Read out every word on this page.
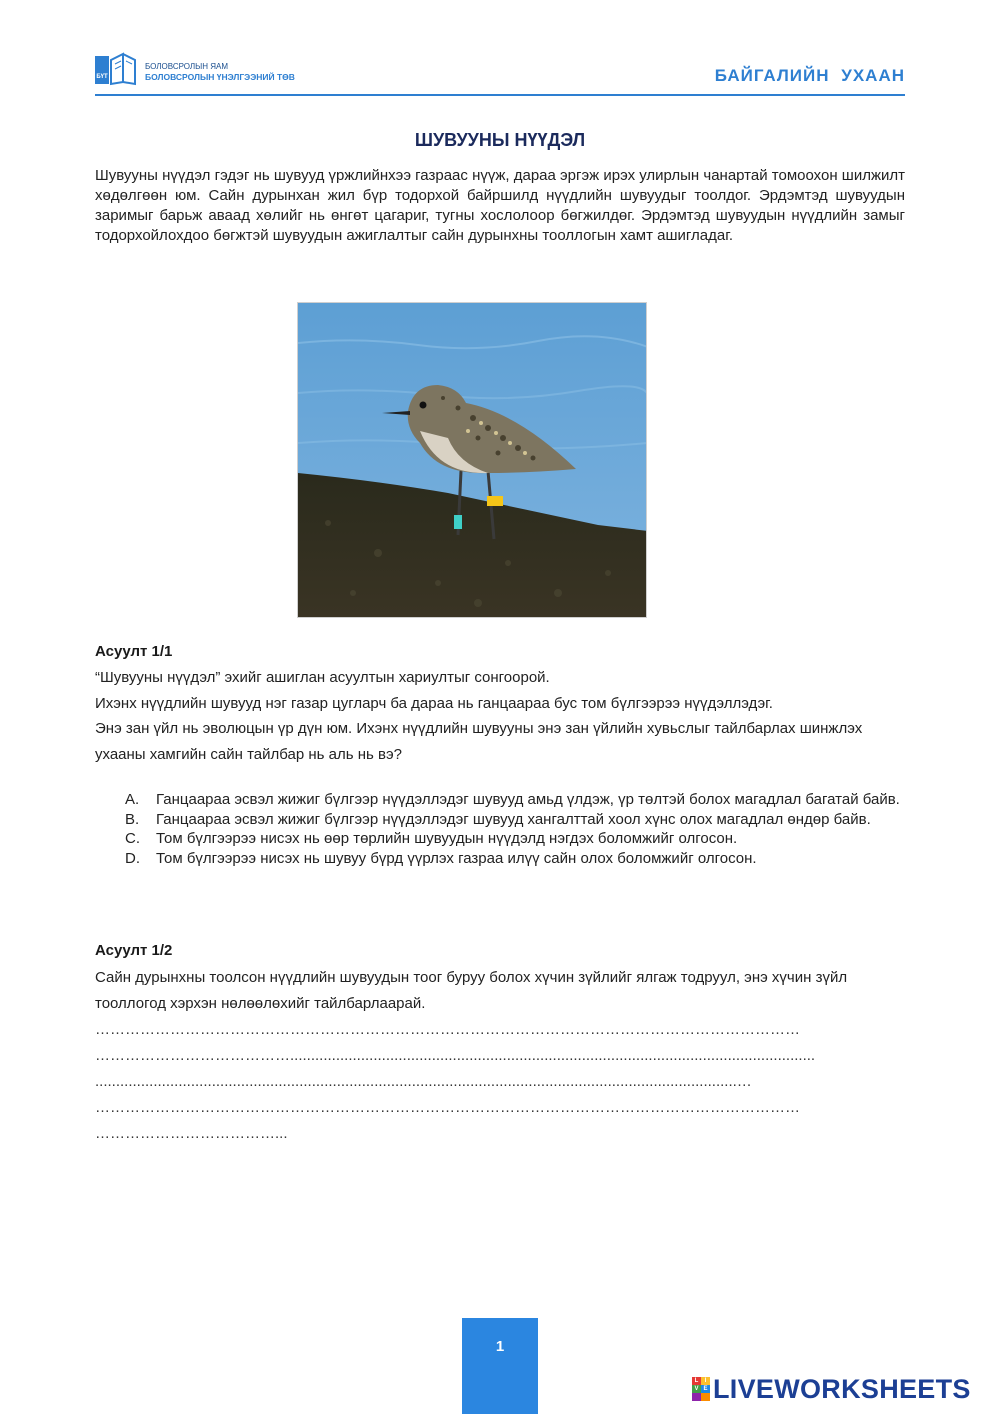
БҮТ
БОЛОВСРОЛЫН ЯАМ
БОЛОВСРОЛЫН ҮНЭЛГЭЭНИЙ ТӨВ	БАЙГАЛИЙН УХААН
ШУВУУНЫ НҮҮДЭЛ

Шувууны нүүдэл гэдэг нь шувууд үржлийнхээ газраас нүүж, дараа эргэж ирэх улирлын чанартай томоохон шилжилт хөдөлгөөн юм. Сайн дурынхан жил бүр тодорхой байршилд нүүдлийн шувуудыг тоолдог. Эрдэмтэд шувуудын заримыг барьж аваад хөлийг нь өнгөт цагариг, тугны хослолоор бөгжилдөг. Эрдэмтэд шувуудын нүүдлийн замыг тодорхойлохдоо бөгжтэй шувуудын ажиглалтыг сайн дурынхны тооллогын хамт ашигладаг.

Асуулт 1/1
“Шувууны нүүдэл” эхийг ашиглан асуултын хариултыг сонгоорой.
Ихэнх нүүдлийн шувууд нэг газар цугларч ба дараа нь ганцаараа бус том бүлгээрээ нүүдэллэдэг.
Энэ зан үйл нь эволюцын үр дүн юм. Ихэнх нүүдлийн шувууны энэ зан үйлийн хувьслыг тайлбарлах шинжлэх ухааны хамгийн сайн тайлбар нь аль нь вэ?
A.	Ганцаараа эсвэл жижиг бүлгээр нүүдэллэдэг шувууд амьд үлдэж, үр төлтэй болох магадлал багатай байв.
B.	Ганцаараа эсвэл жижиг бүлгээр нүүдэллэдэг шувууд хангалттай хоол хүнс олох магадлал өндөр байв.
C.	Том бүлгээрээ нисэх нь өөр төрлийн шувуудын нүүдэлд нэгдэх боломжийг олгосон.
D.	Том бүлгээрээ нисэх нь шувуу бүрд үүрлэх газраа илүү сайн олох боломжийг олгосон.
Асуулт 1/2
Сайн дурынхны тоолсон нүүдлийн шувуудын тоог буруу болох хүчин зүйлийг ялгаж тодруул, энэ хүчин зүйл тооллогод хэрхэн нөлөөлөхийг тайлбарлаарай.
……………………………………………………………………………………………………………………………
…………………………………..............................................................................................................................
..........................................................................................................................................................…
……………………………………………………………………………………………………………………………
………………………………...
1
L	I
V E LIVEWORKSHEETS
